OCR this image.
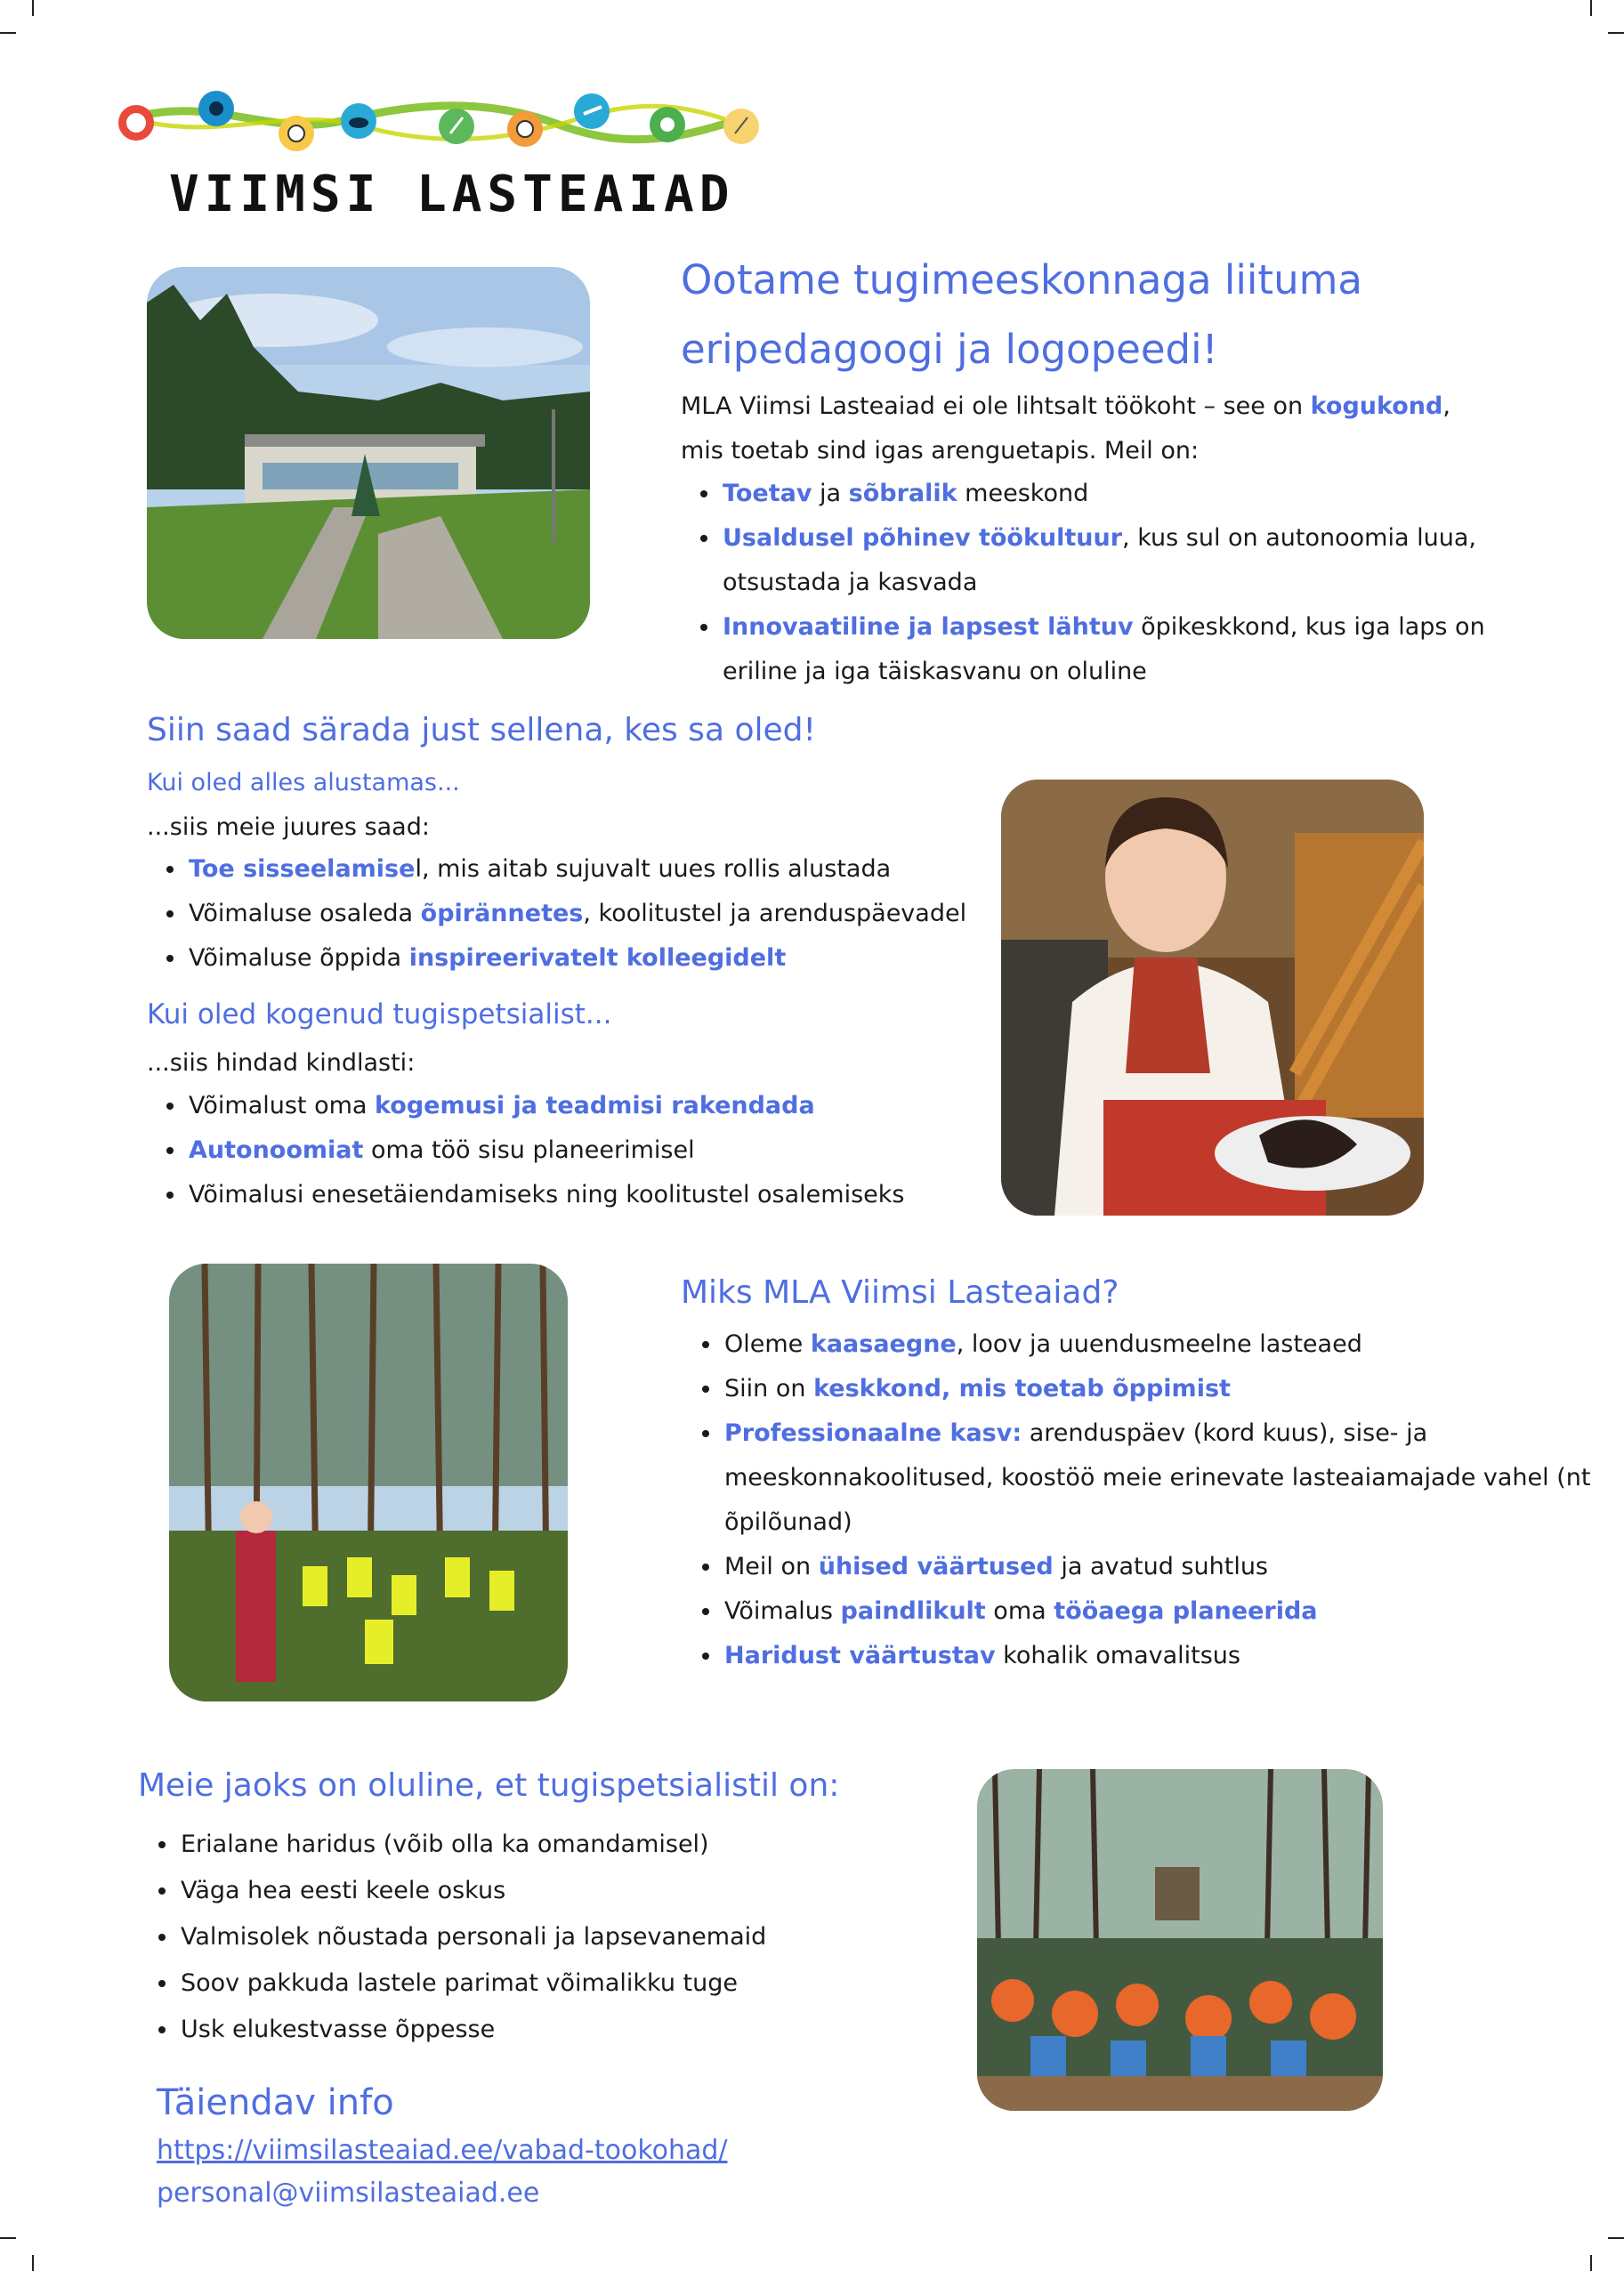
VIIMSI LASTEAIAD
Ootame tugimeeskonnaga liituma
eripedagoogi ja logopeedi!
MLA Viimsi Lasteaiad ei ole lihtsalt töökoht – see on kogukond,
mis toetab sind igas arenguetapis. Meil on:
• Toetav ja sõbralik meeskond
• Usaldusel põhinev töökultuur, kus sul on autonoomia luua,
otsustada ja kasvada
• Innovaatiline ja lapsest lähtuv õpikeskkond, kus iga laps on
eriline ja iga täiskasvanu on oluline
Siin saad särada just sellena, kes sa oled!
Kui oled alles alustamas...
...siis meie juures saad:
• Toe sisseelamisel, mis aitab sujuvalt uues rollis alustada
• Võimaluse osaleda õpirännetes, koolitustel ja arenduspäevadel
• Võimaluse õppida inspireerivatelt kolleegidelt
Kui oled kogenud tugispetsialist...
...siis hindad kindlasti:
• Võimalust oma kogemusi ja teadmisi rakendada
• Autonoomiat oma töö sisu planeerimisel
• Võimalusi enesetäiendamiseks ning koolitustel osalemiseks
Miks MLA Viimsi Lasteaiad?
• Oleme kaasaegne, loov ja uuendusmeelne lasteaed
• Siin on keskkond, mis toetab õppimist
• Professionaalne kasv: arenduspäev (kord kuus), sise- ja
meeskonnakoolitused, koostöö meie erinevate lasteaiamajade vahel (nt
õpilõunad)
• Meil on ühised väärtused ja avatud suhtlus
• Võimalus paindlikult oma tööaega planeerida
• Haridust väärtustav kohalik omavalitsus
Meie jaoks on oluline, et tugispetsialistil on:
• Erialane haridus (võib olla ka omandamisel)
• Väga hea eesti keele oskus
• Valmisolek nõustada personali ja lapsevanemaid
• Soov pakkuda lastele parimat võimalikku tuge
• Usk elukestvasse õppesse
Täiendav info
https://viimsilasteaiad.ee/vabad-tookohad/
personal@viimsilasteaiad.ee
